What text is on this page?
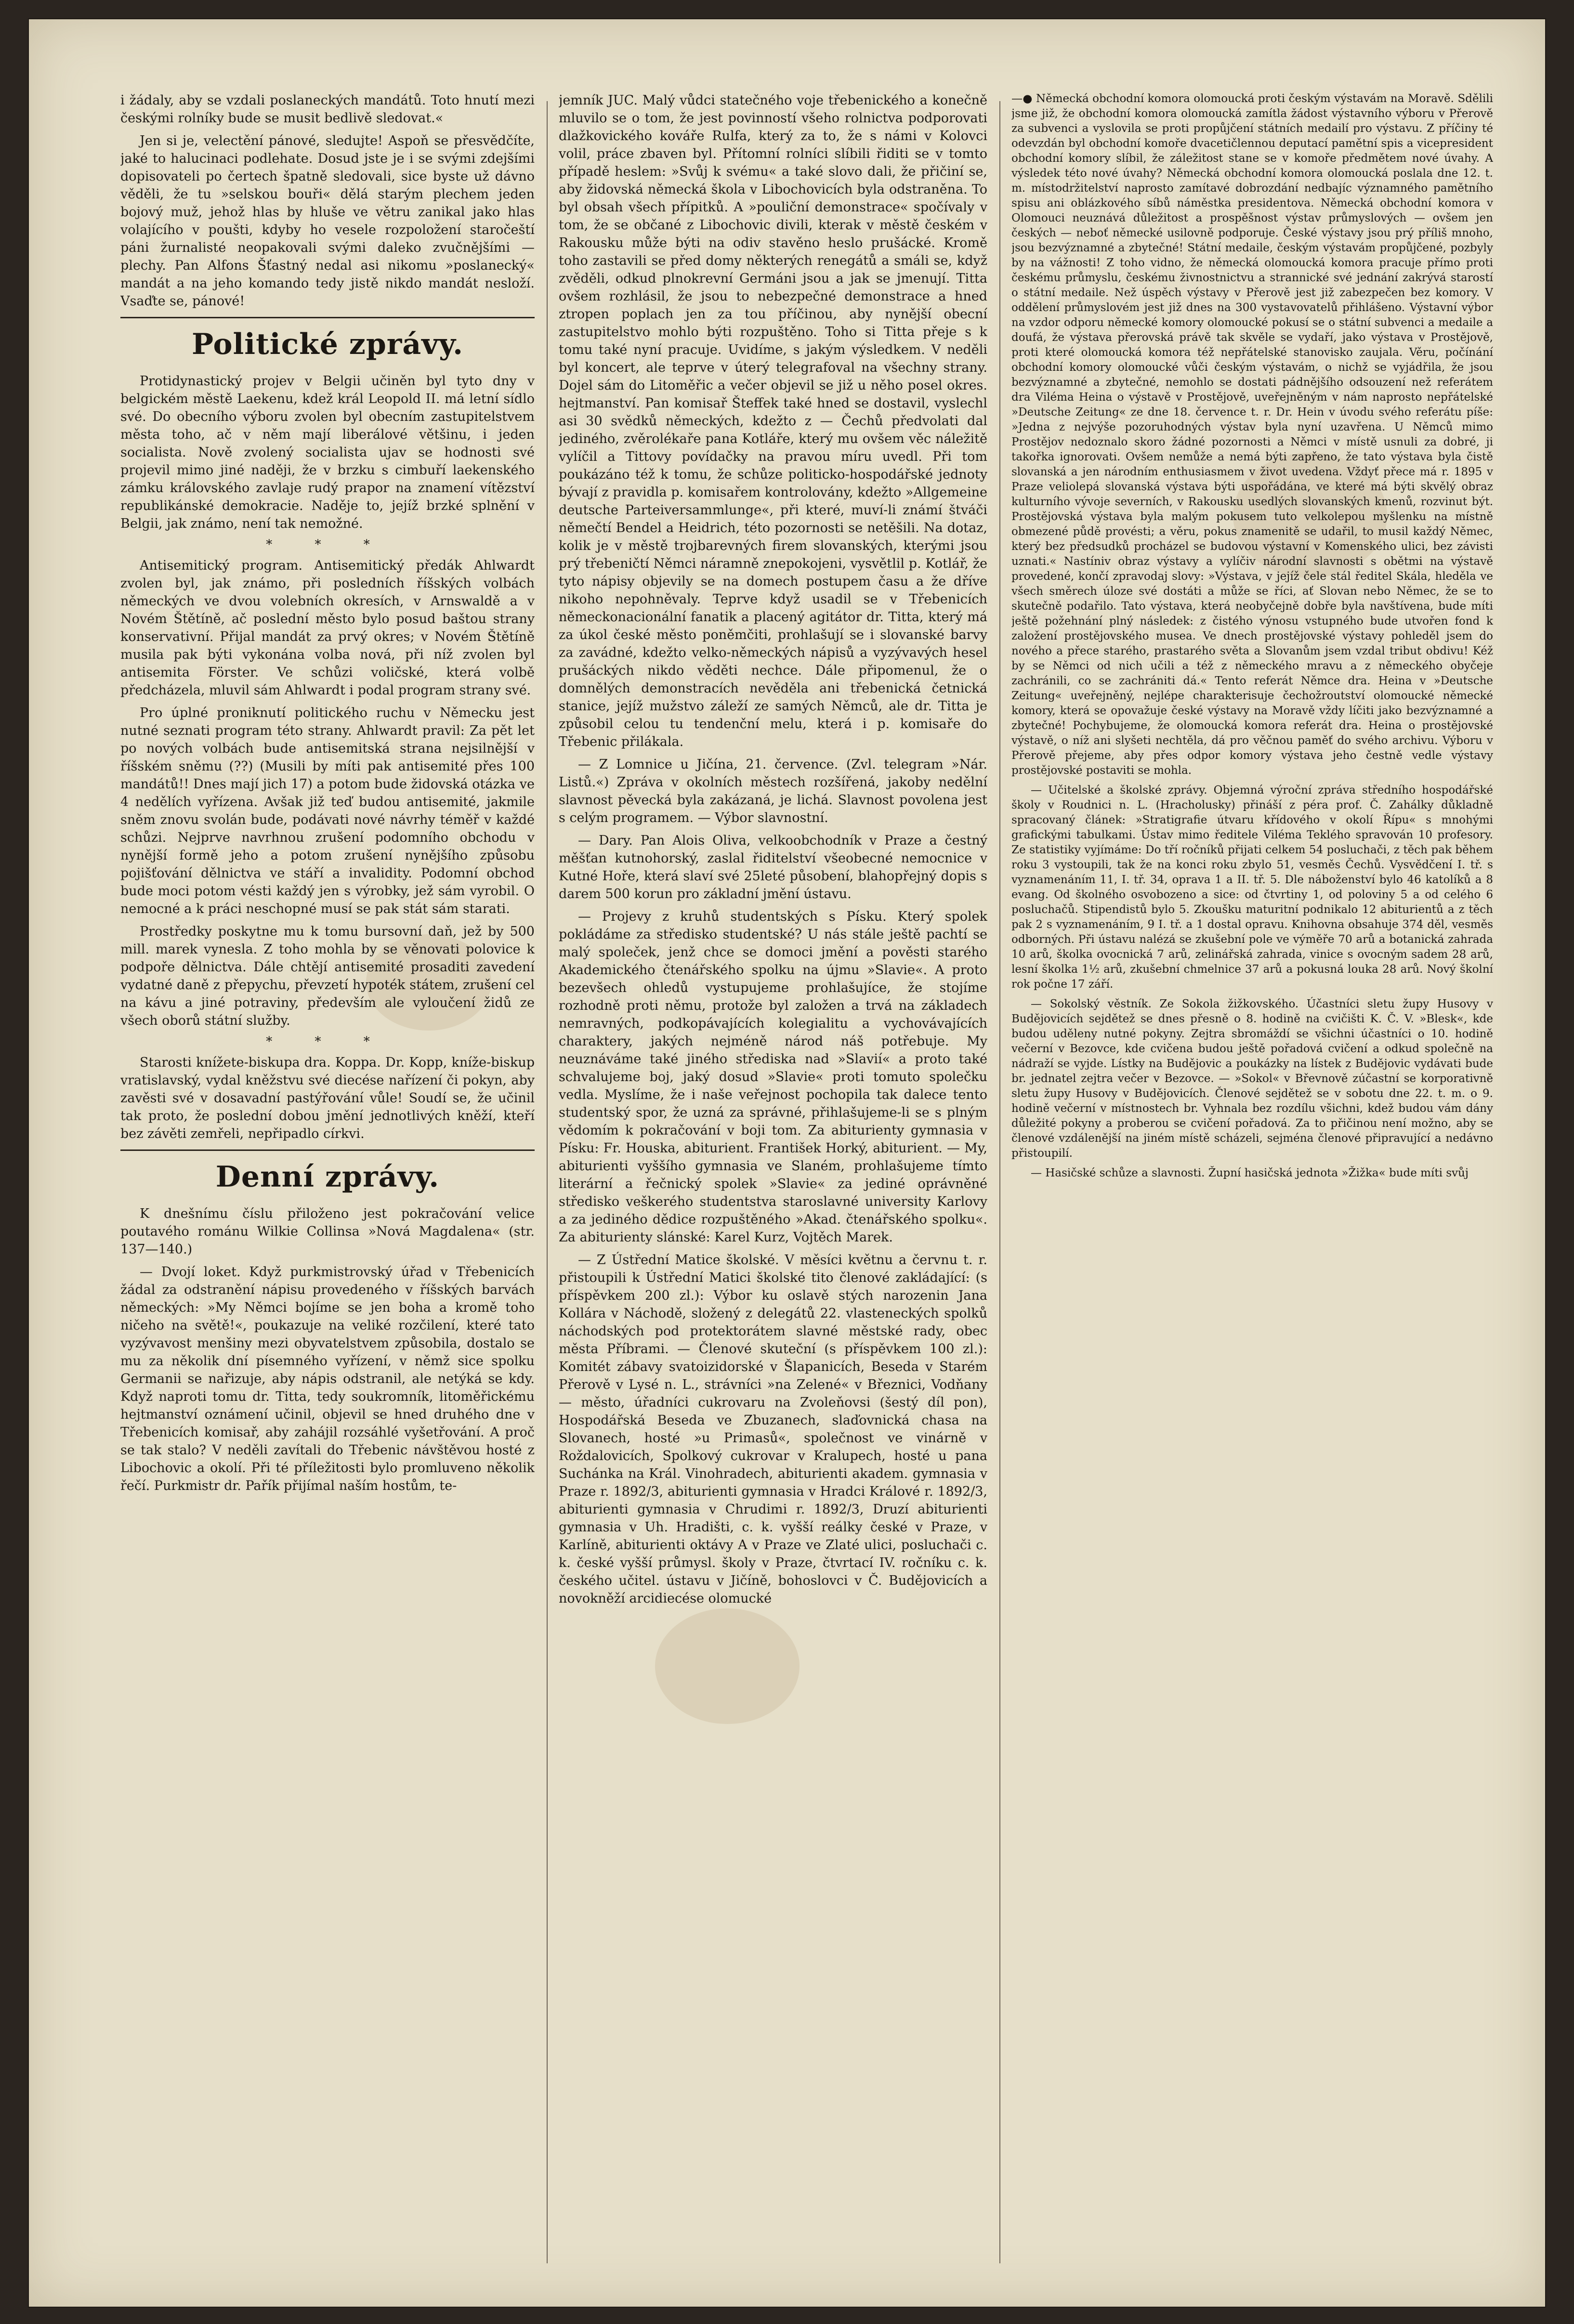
i žádaly, aby se vzdali poslaneckých mandátů. Toto hnutí mezi českými rolníky bude se musit bedlivě sledovat.«

Jen si je, velectění pánové, sledujte! Aspoň se přesvědčíte, jaké to halucinaci podlehate. Dosud jste je i se svými zdejšími dopisovateli po čertech špatně sledovali, sice byste už dávno věděli, že tu »selskou bouři« dělá starým plechem jeden bojový muž, jehož hlas by hluše ve větru zanikal jako hlas volajícího v poušti, kdyby ho vesele rozpoložení staročeští páni žurnalisté neopakovali svými daleko zvučnějšími — plechy. Pan Alfons Šťastný nedal asi nikomu »poslanecký« mandát a na jeho komando tedy jistě nikdo mandát nesloží. Vsaďte se, pánové!

Politické zprávy.

Protidynastický projev v Belgii učiněn byl tyto dny v belgickém městě Laekenu, kdež král Leopold II. má letní sídlo své. Do obecního výboru zvolen byl obecním zastupitelstvem města toho, ač v něm mají liberálové většinu, i jeden socialista. Nově zvolený socialista ujav se hodnosti své projevil mimo jiné naději, že v brzku s cimbuří laekenského zámku královského zavlaje rudý prapor na znamení vítězství republikánské demokracie. Naděje to, jejíž brzké splnění v Belgii, jak známo, není tak nemožné.

* * *

Antisemitický program. Antisemitický předák Ahlwardt zvolen byl, jak známo, při posledních říšských volbách německých ve dvou volebních okresích, v Arnswaldě a v Novém Štětíně, ač poslední město bylo posud baštou strany konservativní. Přijal mandát za prvý okres; v Novém Štětíně musila pak býti vykonána volba nová, při níž zvolen byl antisemita Förster. Ve schůzi voličské, která volbě předcházela, mluvil sám Ahlwardt i podal program strany své.

Pro úplné proniknutí politického ruchu v Německu jest nutné seznati program této strany. Ahlwardt pravil: Za pět let po nových volbách bude antisemitská strana nejsilnější v říšském sněmu (??) (Musili by míti pak antisemité přes 100 mandátů!! Dnes mají jich 17) a potom bude židovská otázka ve 4 nedělích vyřízena. Avšak již teď budou antisemité, jakmile sněm znovu svolán bude, podávati nové návrhy téměř v každé schůzi. Nejprve navrhnou zrušení podomního obchodu v nynější formě jeho a potom zrušení nynějšího způsobu pojišťování dělnictva ve stáří a invalidity. Podomní obchod bude moci potom vésti každý jen s výrobky, jež sám vyrobil. O nemocné a k práci neschopné musí se pak stát sám starati.

Prostředky poskytne mu k tomu bursovní daň, jež by 500 mill. marek vynesla. Z toho mohla by se věnovati polovice k podpoře dělnictva. Dále chtějí antisemité prosaditi zavedení vydatné daně z přepychu, převzetí hypoték státem, zrušení cel na kávu a jiné potraviny, především ale vyloučení židů ze všech oborů státní služby.

* * *

Starosti knížete-biskupa dra. Koppa. Dr. Kopp, kníže-biskup vratislavský, vydal kněžstvu své diecése nařízení či pokyn, aby zavěsti své v dosavadní pastýřování vůle! Soudí se, že učinil tak proto, že poslední dobou jmění jednotlivých kněží, kteří bez závěti zemřeli, nepřipadlo církvi.

Denní zprávy.

K dnešnímu číslu přiloženo jest pokračování velice poutavého románu Wilkie Collinsa »Nová Magdalena« (str. 137—140.)

— Dvojí loket. Když purkmistrovský úřad v Třebenicích žádal za odstranění nápisu provedeného v říšských barvách německých: »My Němci bojíme se jen boha a kromě toho ničeho na světě!«, poukazuje na veliké rozčilení, které tato vyzývavost menšiny mezi obyvatelstvem způsobila, dostalo se mu za několik dní písemného vyřízení, v němž sice spolku Germanii se nařizuje, aby nápis odstranil, ale netýká se kdy. Když naproti tomu dr. Titta, tedy soukromník, litoměřickému hejtmanství oznámení učinil, objevil se hned druhého dne v Třebenicích komisař, aby zahájil rozsáhlé vyšetřování. A proč se tak stalo? V neděli zavítali do Třebenic návštěvou hosté z Libochovic a okolí. Při té příležitosti bylo promluveno několik řečí. Purkmistr dr. Pařík přijímal naším hostům, te-

jemník JUC. Malý vůdci statečného voje třebenického a konečně mluvilo se o tom, že jest povinností všeho rolnictva podporovati dlažkovického kováře Rulfa, který za to, že s námi v Kolovci volil, práce zbaven byl. Přítomní rolníci slíbili řiditi se v tomto případě heslem: »Svůj k svému« a také slovo dali, že přičiní se, aby židovská německá škola v Libochovicích byla odstraněna. To byl obsah všech přípitků. A »pouliční demonstrace« spočívaly v tom, že se občané z Libochovic divili, kterak v městě českém v Rakousku může býti na odiv stavěno heslo prušácké. Kromě toho zastavili se před domy některých renegátů a smáli se, když zvěděli, odkud plnokrevní Germáni jsou a jak se jmenují. Titta ovšem rozhlásil, že jsou to nebezpečné demonstrace a hned ztropen poplach jen za tou příčinou, aby nynější obecní zastupitelstvo mohlo býti rozpuštěno. Toho si Titta přeje s k tomu také nyní pracuje. Uvidíme, s jakým výsledkem. V neděli byl koncert, ale teprve v úterý telegrafoval na všechny strany. Dojel sám do Litoměřic a večer objevil se již u něho posel okres. hejtmanství. Pan komisař Šteffek také hned se dostavil, vyslechl asi 30 svědků německých, kdežto z — Čechů předvolati dal jediného, zvěrolékaře pana Kotláře, který mu ovšem věc náležitě vylíčil a Tittovy povídačky na pravou míru uvedl. Při tom poukázáno též k tomu, že schůze politicko-hospodářské jednoty bývají z pravidla p. komisařem kontrolovány, kdežto »Allgemeine deutsche Parteiversammlunge«, při které, muví-li známí štváči němečtí Bendel a Heidrich, této pozornosti se netěšili. Na dotaz, kolik je v městě trojbarevných firem slovanských, kterými jsou prý třebeničtí Němci náramně znepokojeni, vysvětlil p. Kotlář, že tyto nápisy objevily se na domech postupem času a že dříve nikoho nepohněvaly. Teprve když usadil se v Třebenicích německonacionální fanatik a placený agitátor dr. Titta, který má za úkol české město poněmčiti, prohlašují se i slovanské barvy za zavádné, kdežto velko-německých nápisů a vyzývavých hesel prušáckých nikdo věděti nechce. Dále připomenul, že o domnělých demonstracích nevěděla ani třebenická četnická stanice, jejíž mužstvo záleží ze samých Němců, ale dr. Titta je způsobil celou tu tendenční melu, která i p. komisaře do Třebenic přilákala.

— Z Lomnice u Jičína, 21. července. (Zvl. telegram »Nár. Listů.«) Zpráva v okolních městech rozšířená, jakoby nedělní slavnost pěvecká byla zakázaná, je lichá. Slavnost povolena jest s celým programem. — Výbor slavnostní.

— Dary. Pan Alois Oliva, velkoobchodník v Praze a čestný měšťan kutnohorský, zaslal řiditelství všeobecné nemocnice v Kutné Hoře, která slaví své 25leté působení, blahopřejný dopis s darem 500 korun pro základní jmění ústavu.

— Projevy z kruhů studentských s Písku. Který spolek pokládáme za středisko studentské? U nás stále ještě pachtí se malý společek, jenž chce se domoci jmění a pověsti starého Akademického čtenářského spolku na újmu »Slavie«. A proto bezevšech ohledů vystupujeme prohlašujíce, že stojíme rozhodně proti němu, protože byl založen a trvá na základech nemravných, podkopávajících kolegialitu a vychovávajících charaktery, jakých nejméně národ náš potřebuje. My neuznáváme také jiného střediska nad »Slavií« a proto také schvalujeme boj, jaký dosud »Slavie« proti tomuto společku vedla. Myslíme, že i naše veřejnost pochopila tak dalece tento studentský spor, že uzná za správné, přihlašujeme-li se s plným vědomím k pokračování v boji tom. Za abiturienty gymnasia v Písku: Fr. Houska, abiturient. František Horký, abiturient. — My, abiturienti vyššího gymnasia ve Slaném, prohlašujeme tímto literární a řečnický spolek »Slavie« za jediné oprávněné středisko veškerého studentstva staroslavné university Karlovy a za jediného dědice rozpuštěného »Akad. čtenářského spolku«. Za abiturienty slánské: Karel Kurz, Vojtěch Marek.

— Z Ústřední Matice školské. V měsíci květnu a červnu t. r. přistoupili k Ústřední Matici školské tito členové zakládající: (s příspěvkem 200 zl.): Výbor ku oslavě stých narozenin Jana Kollára v Náchodě, složený z delegátů 22. vlasteneckých spolků náchodských pod protektorátem slavné městské rady, obec města Příbrami. — Členové skuteční (s příspěvkem 100 zl.): Komitét zábavy svatoizidorské v Šlapanicích, Beseda v Starém Přerově v Lysé n. L., strávníci »na Zelené« v Březnici, Vodňany — město, úřadníci cukrovaru na Zvoleňovsi (šestý díl pon), Hospodářská Beseda ve Zbuzanech, slaďovnická chasa na Slovanech, hosté »u Primasů«, společnost ve vinárně v Roždalovicích, Spolkový cukrovar v Kralupech, hosté u pana Suchánka na Král. Vinohradech, abiturienti akadem. gymnasia v Praze r. 1892/3, abiturienti gymnasia v Hradci Králové r. 1892/3, abiturienti gymnasia v Chrudimi r. 1892/3, Druzí abiturienti gymnasia v Uh. Hradišti, c. k. vyšší reálky české v Praze, v Karlíně, abiturienti oktávy A v Praze ve Zlaté ulici, posluchači c. k. české vyšší průmysl. školy v Praze, čtvrtací IV. ročníku c. k. českého učitel. ústavu v Jičíně, bohoslovci v Č. Budějovicích a novokněží arcidiecése olomucké

—● Německá obchodní komora olomoucká proti českým výstavám na Moravě. Sdělili jsme již, že obchodní komora olomoucká zamítla žádost výstavního výboru v Přerově za subvenci a vyslovila se proti propůjčení státních medailí pro výstavu. Z příčiny té odevzdán byl obchodní komoře dvacetičlennou deputací pamětní spis a vicepresident obchodní komory slíbil, že záležitost stane se v komoře předmětem nové úvahy. A výsledek této nové úvahy? Německá obchodní komora olomoucká poslala dne 12. t. m. místodržitelství naprosto zamítavé dobrozdání nedbajíc významného pamětního spisu ani oblázkového síbů náměstka presidentova. Německá obchodní komora v Olomouci neuznává důležitost a prospěšnost výstav průmyslových — ovšem jen českých — neboť německé usilovně podporuje. České výstavy jsou prý příliš mnoho, jsou bezvýznamné a zbytečné! Státní medaile, českým výstavám propůjčené, pozbyly by na vážnosti! Z toho vidno, že německá olomoucká komora pracuje přímo proti českému průmyslu, českému živnostnictvu a strannické své jednání zakrývá starostí o státní medaile. Než úspěch výstavy v Přerově jest již zabezpečen bez komory. V oddělení průmyslovém jest již dnes na 300 vystavovatelů přihlášeno. Výstavní výbor na vzdor odporu německé komory olomoucké pokusí se o státní subvenci a medaile a doufá, že výstava přerovská právě tak skvěle se vydaří, jako výstava v Prostějově, proti které olomoucká komora též nepřátelské stanovisko zaujala. Věru, počínání obchodní komory olomoucké vůči českým výstavám, o nichž se vyjádřila, že jsou bezvýznamné a zbytečné, nemohlo se dostati pádnějšího odsouzení než referátem dra Viléma Heina o výstavě v Prostějově, uveřejněným v nám naprosto nepřátelské »Deutsche Zeitung« ze dne 18. července t. r. Dr. Hein v úvodu svého referátu píše: »Jedna z nejvýše pozoruhodných výstav byla nyní uzavřena. U Němců mimo Prostějov nedoznalo skoro žádné pozornosti a Němci v místě usnuli za dobré, ji takořka ignorovati. Ovšem nemůže a nemá býti zapřeno, že tato výstava byla čistě slovanská a jen národním enthusiasmem v život uvedena. Vždyť přece má r. 1895 v Praze veliolepá slovanská výstava býti uspořádána, ve které má býti skvělý obraz kulturního vývoje severních, v Rakousku usedlých slovanských kmenů, rozvinut být. Prostějovská výstava byla malým pokusem tuto velkolepou myšlenku na místně obmezené půdě provésti; a věru, pokus znamenitě se udařil, to musil každý Němec, který bez předsudků procházel se budovou výstavní v Komenského ulici, bez závisti uznati.« Nastíniv obraz výstavy a vylíčiv národní slavnosti s obětmi na výstavě provedené, končí zpravodaj slovy: »Výstava, v jejíž čele stál ředitel Skála, hleděla ve všech směrech úloze své dostáti a může se říci, ať Slovan nebo Němec, že se to skutečně podařilo. Tato výstava, která neobyčejně dobře byla navštívena, bude míti ještě požehnání plný následek: z čistého výnosu vstupného bude utvořen fond k založení prostějovského musea. Ve dnech prostějovské výstavy pohleděl jsem do nového a přece starého, prastarého světa a Slovanům jsem vzdal tribut obdivu! Kéž by se Němci od nich učili a též z německého mravu a z německého obyčeje zachránili, co se zachrániti dá.« Tento referát Němce dra. Heina v »Deutsche Zeitung« uveřejněný, nejlépe charakterisuje čechožroutství olomoucké německé komory, která se opovažuje české výstavy na Moravě vždy líčiti jako bezvýznamné a zbytečné! Pochybujeme, že olomoucká komora referát dra. Heina o prostějovské výstavě, o níž ani slyšeti nechtěla, dá pro věčnou paměť do svého archivu. Výboru v Přerově přejeme, aby přes odpor komory výstava jeho čestně vedle výstavy prostějovské postaviti se mohla.

— Učitelské a školské zprávy. Objemná výroční zpráva středního hospodářské školy v Roudnici n. L. (Hracholusky) přináší z péra prof. Č. Zahálky důkladně spracovaný článek: »Stratigrafie útvaru křídového v okolí Řípu« s mnohými grafickými tabulkami. Ústav mimo ředitele Viléma Teklého spravován 10 profesory. Ze statistiky vyjímáme: Do tří ročníků přijati celkem 54 posluchači, z těch pak během roku 3 vystoupili, tak že na konci roku zbylo 51, vesměs Čechů. Vysvědčení I. tř. s vyznamenáním 11, I. tř. 34, oprava 1 a II. tř. 5. Dle náboženství bylo 46 katolíků a 8 evang. Od školného osvobozeno a sice: od čtvrtiny 1, od poloviny 5 a od celého 6 posluchačů. Stipendistů bylo 5. Zkoušku maturitní podnikalo 12 abiturientů a z těch pak 2 s vyznamenáním, 9 I. tř. a 1 dostal opravu. Knihovna obsahuje 374 děl, vesměs odborných. Při ústavu nalézá se zkušební pole ve výměře 70 arů a botanická zahrada 10 arů, školka ovocnická 7 arů, zelinářská zahrada, vinice s ovocným sadem 28 arů, lesní školka 1½ arů, zkušební chmelnice 37 arů a pokusná louka 28 arů. Nový školní rok počne 17 září.

— Sokolský věstník. Ze Sokola žižkovského. Účastníci sletu župy Husovy v Budějovicích sejdětež se dnes přesně o 8. hodině na cvičišti K. Č. V. »Blesk«, kde budou uděleny nutné pokyny. Zejtra sbromáždí se všichni účastníci o 10. hodině večerní v Bezovce, kde cvičena budou ještě pořadová cvičení a odkud společně na nádraží se vyjde. Lístky na Budějovic a poukázky na lístek z Budějovic vydávati bude br. jednatel zejtra večer v Bezovce. — »Sokol« v Břevnově zúčastní se korporativně sletu župy Husovy v Budějovicích. Členové sejdětež se v sobotu dne 22. t. m. o 9. hodině večerní v místnostech br. Vyhnala bez rozdílu všichni, kdež budou vám dány důležité pokyny a proberou se cvičení pořadová. Za to přičinou není možno, aby se členové vzdálenější na jiném místě scházeli, sejména členové připravující a nedávno přistoupilí.

— Hasičské schůze a slavnosti. Župní hasičská jednota »Žižka« bude míti svůj
